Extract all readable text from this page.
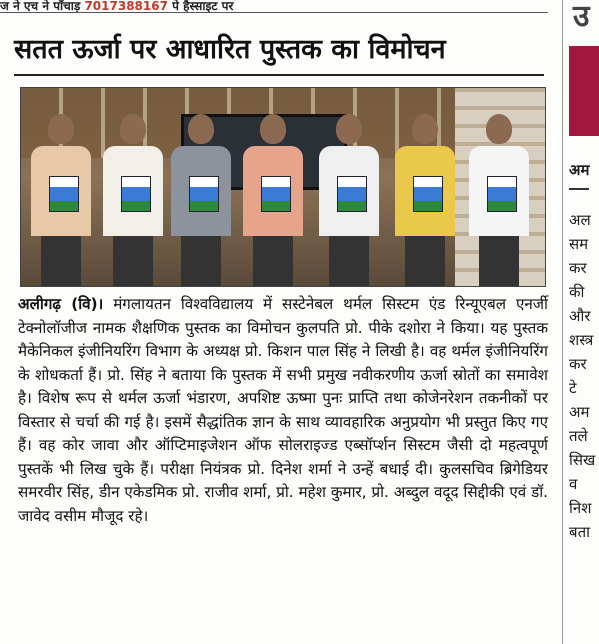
ज ने एच ने पाँचाड़ 7017388167 पे हैस्साइट पर
सतत ऊर्जा पर आधारित पुस्तक का विमोचन

अलीगढ़ (वि)। मंगलायतन विश्वविद्यालय में सस्टेनेबल थर्मल सिस्टम एंड रिन्यूएबल एनर्जी टेक्नोलॉजीज नामक शैक्षणिक पुस्तक का विमोचन कुलपति प्रो. पीके दशोरा ने किया। यह पुस्तक मैकेनिकल इंजीनियरिंग विभाग के अध्यक्ष प्रो. किशन पाल सिंह ने लिखी है। वह थर्मल इंजीनियरिंग के शोधकर्ता हैं। प्रो. सिंह ने बताया कि पुस्तक में सभी प्रमुख नवीकरणीय ऊर्जा स्रोतों का समावेश है। विशेष रूप से थर्मल ऊर्जा भंडारण, अपशिष्ट ऊष्मा पुनः प्राप्ति तथा कोजेनरेशन तकनीकों पर विस्तार से चर्चा की गई है। इसमें सैद्धांतिक ज्ञान के साथ व्यावहारिक अनुप्रयोग भी प्रस्तुत किए गए हैं। वह कोर जावा और ऑप्टिमाइजेशन ऑफ सोलराइज्ड एब्सॉर्प्शन सिस्टम जैसी दो महत्वपूर्ण पुस्तकें भी लिख चुके हैं। परीक्षा नियंत्रक प्रो. दिनेश शर्मा ने उन्हें बधाई दी। कुलसचिव ब्रिगेडियर समरवीर सिंह, डीन एकेडमिक प्रो. राजीव शर्मा, प्रो. महेश कुमार, प्रो. अब्दुल वदूद सिद्दीकी एवं डॉ. जावेद वसीम मौजूद रहे।

उ
अम
अल
सम
कर
की
और
शस्त्र
कर
टे
अम
तले
सिख
व
निश
बता
